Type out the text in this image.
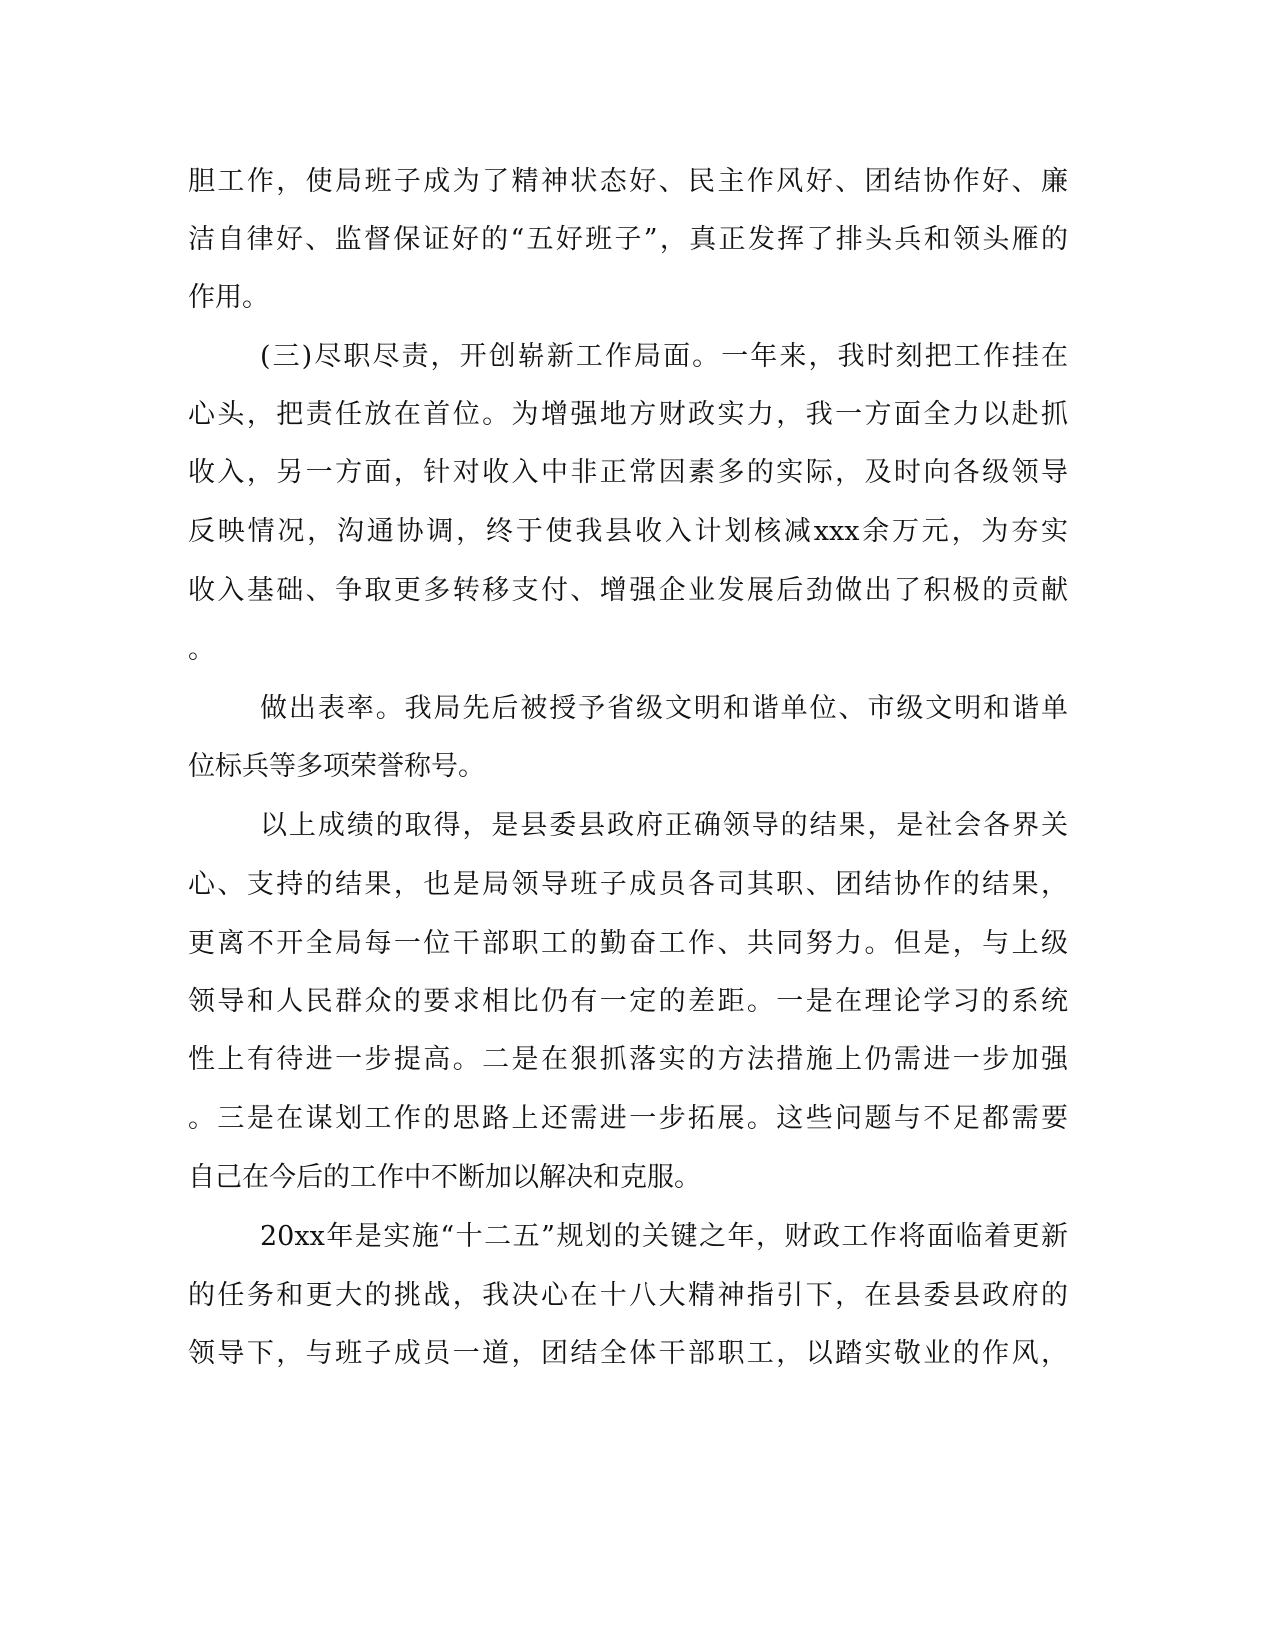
胆工作，使局班子成为了精神状态好、民主作风好、团结协作好、廉
洁自律好、监督保证好的“五好班子”，真正发挥了排头兵和领头雁的
作用。
(三)尽职尽责，开创崭新工作局面。一年来，我时刻把工作挂在
心头，把责任放在首位。为增强地方财政实力，我一方面全力以赴抓
收入，另一方面，针对收入中非正常因素多的实际，及时向各级领导
反映情况，沟通协调，终于使我县收入计划核减xxx余万元，为夯实
收入基础、争取更多转移支付、增强企业发展后劲做出了积极的贡献
。
做出表率。我局先后被授予省级文明和谐单位、市级文明和谐单
位标兵等多项荣誉称号。
以上成绩的取得，是县委县政府正确领导的结果，是社会各界关
心、支持的结果，也是局领导班子成员各司其职、团结协作的结果，
更离不开全局每一位干部职工的勤奋工作、共同努力。但是，与上级
领导和人民群众的要求相比仍有一定的差距。一是在理论学习的系统
性上有待进一步提高。二是在狠抓落实的方法措施上仍需进一步加强
。三是在谋划工作的思路上还需进一步拓展。这些问题与不足都需要
自己在今后的工作中不断加以解决和克服。
20xx年是实施“十二五”规划的关键之年，财政工作将面临着更新
的任务和更大的挑战，我决心在十八大精神指引下，在县委县政府的
领导下，与班子成员一道，团结全体干部职工，以踏实敬业的作风，
